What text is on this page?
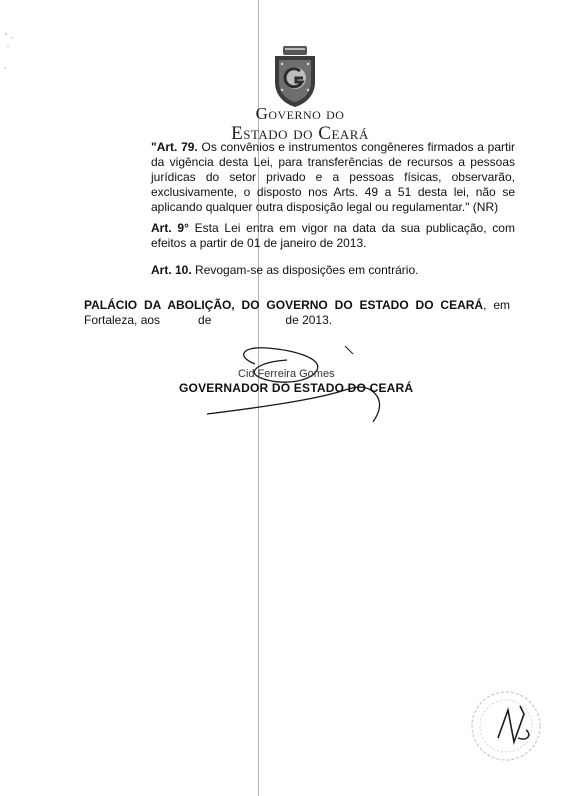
Governo do
Estado do Ceará
"Art. 79. Os convênios e instrumentos congêneres firmados a partir da vigência desta Lei, para transferências de recursos a pessoas jurídicas do setor privado e a pessoas físicas, observarão, exclusivamente, o disposto nos Arts. 49 a 51 desta lei, não se aplicando qualquer outra disposição legal ou regulamentar." (NR)
Art. 9° Esta Lei entra em vigor na data da sua publicação, com efeitos a partir de 01 de janeiro de 2013.
Art. 10. Revogam-se as disposições em contrário.
PALÁCIO DA ABOLIÇÃO, DO GOVERNO DO ESTADO DO CEARÁ, em Fortaleza, aos	de	de 2013.
Cid Ferreira Gomes
GOVERNADOR DO ESTADO DO CEARÁ
